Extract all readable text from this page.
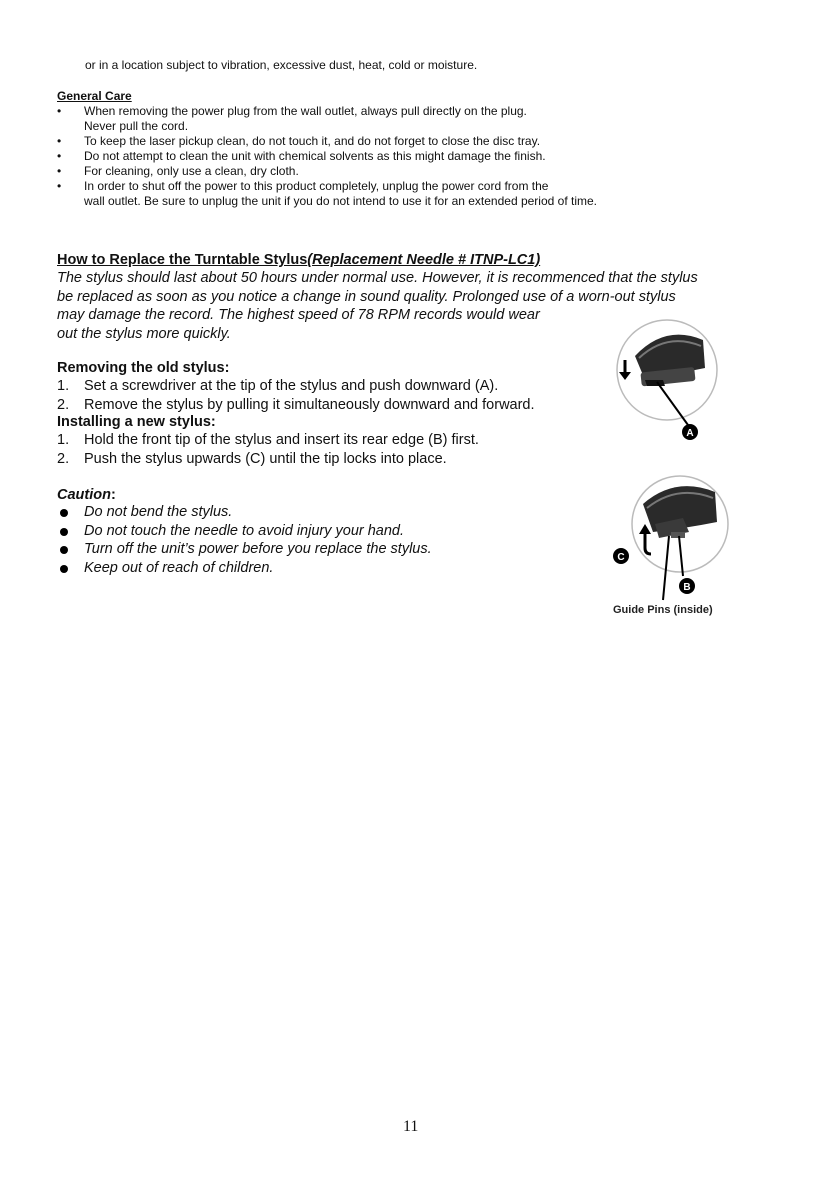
or in a location subject to vibration, excessive dust, heat, cold or moisture.
General Care
• When removing the power plug from the wall outlet, always pull directly on the plug.
Never pull the cord.
• To keep the laser pickup clean, do not touch it, and do not forget to close the disc tray.
• Do not attempt to clean the unit with chemical solvents as this might damage the finish.
• For cleaning, only use a clean, dry cloth.
• In order to shut off the power to this product completely, unplug the power cord from the
wall outlet. Be sure to unplug the unit if you do not intend to use it for an extended period of time.
How to Replace the Turntable Stylus(Replacement Needle # ITNP-LC1)
The stylus should last about 50 hours under normal use. However, it is recommenced that the stylus
be replaced as soon as you notice a change in sound quality. Prolonged use of a worn-out stylus
may damage the record. The highest speed of 78 RPM records would wear
out the stylus more quickly.
Removing the old stylus:
1. Set a screwdriver at the tip of the stylus and push downward (A).
2. Remove the stylus by pulling it simultaneously downward and forward.
Installing a new stylus:
1. Hold the front tip of the stylus and insert its rear edge (B) first.
2. Push the stylus upwards (C) until the tip locks into place.
Caution:
Do not bend the stylus.
Do not touch the needle to avoid injury your hand.
Turn off the unit’s power before you replace the stylus.
Keep out of reach of children.
A
C
B
Guide Pins (inside)
11
